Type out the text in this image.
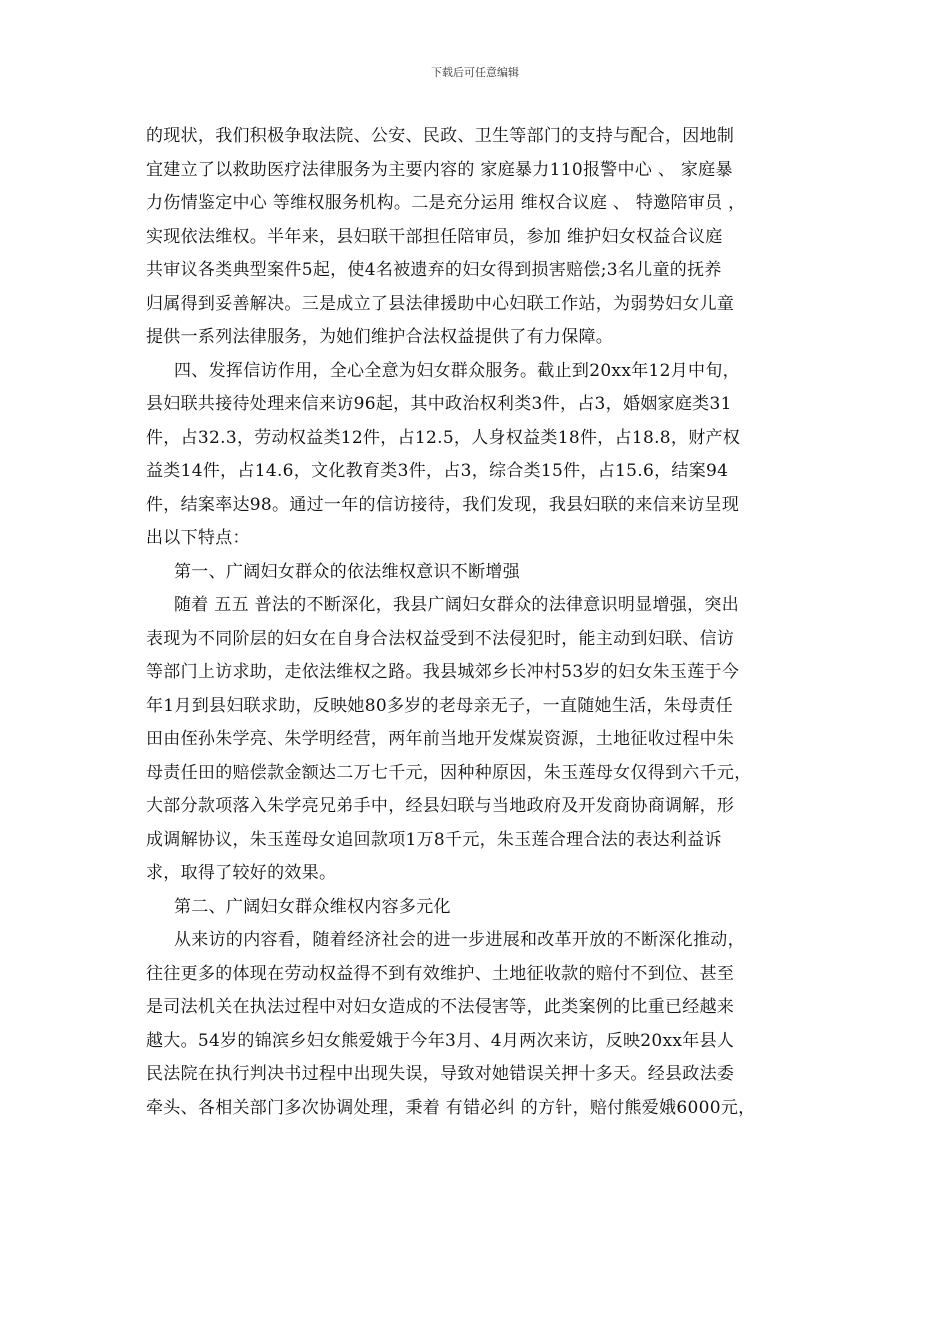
下载后可任意编辑
的现状，我们积极争取法院、公安、民政、卫生等部门的支持与配合，因地制
宜建立了以救助医疗法律服务为主要内容的 家庭暴力110报警中心 、 家庭暴
力伤情鉴定中心 等维权服务机构。二是充分运用 维权合议庭 、 特邀陪审员 ，
实现依法维权。半年来，县妇联干部担任陪审员，参加 维护妇女权益合议庭
共审议各类典型案件5起，使4名被遗弃的妇女得到损害赔偿;3名儿童的抚养
归属得到妥善解决。三是成立了县法律援助中心妇联工作站，为弱势妇女儿童
提供一系列法律服务，为她们维护合法权益提供了有力保障。
四、发挥信访作用，全心全意为妇女群众服务。截止到20xx年12月中旬，
县妇联共接待处理来信来访96起，其中政治权利类3件，占3，婚姻家庭类31
件，占32.3，劳动权益类12件，占12.5，人身权益类18件，占18.8，财产权
益类14件，占14.6，文化教育类3件，占3，综合类15件，占15.6，结案94
件，结案率达98。通过一年的信访接待，我们发现，我县妇联的来信来访呈现
出以下特点：
第一、广阔妇女群众的依法维权意识不断增强
随着 五五 普法的不断深化，我县广阔妇女群众的法律意识明显增强，突出
表现为不同阶层的妇女在自身合法权益受到不法侵犯时，能主动到妇联、信访
等部门上访求助，走依法维权之路。我县城郊乡长冲村53岁的妇女朱玉莲于今
年1月到县妇联求助，反映她80多岁的老母亲无子，一直随她生活，朱母责任
田由侄孙朱学亮、朱学明经营，两年前当地开发煤炭资源，土地征收过程中朱
母责任田的赔偿款金额达二万七千元，因种种原因，朱玉莲母女仅得到六千元，
大部分款项落入朱学亮兄弟手中，经县妇联与当地政府及开发商协商调解，形
成调解协议，朱玉莲母女追回款项1万8千元，朱玉莲合理合法的表达利益诉
求，取得了较好的效果。
第二、广阔妇女群众维权内容多元化
从来访的内容看，随着经济社会的进一步进展和改革开放的不断深化推动，
往往更多的体现在劳动权益得不到有效维护、土地征收款的赔付不到位、甚至
是司法机关在执法过程中对妇女造成的不法侵害等，此类案例的比重已经越来
越大。54岁的锦滨乡妇女熊爱娥于今年3月、4月两次来访，反映20xx年县人
民法院在执行判决书过程中出现失误，导致对她错误关押十多天。经县政法委
牵头、各相关部门多次协调处理，秉着 有错必纠 的方针，赔付熊爱娥6000元，
